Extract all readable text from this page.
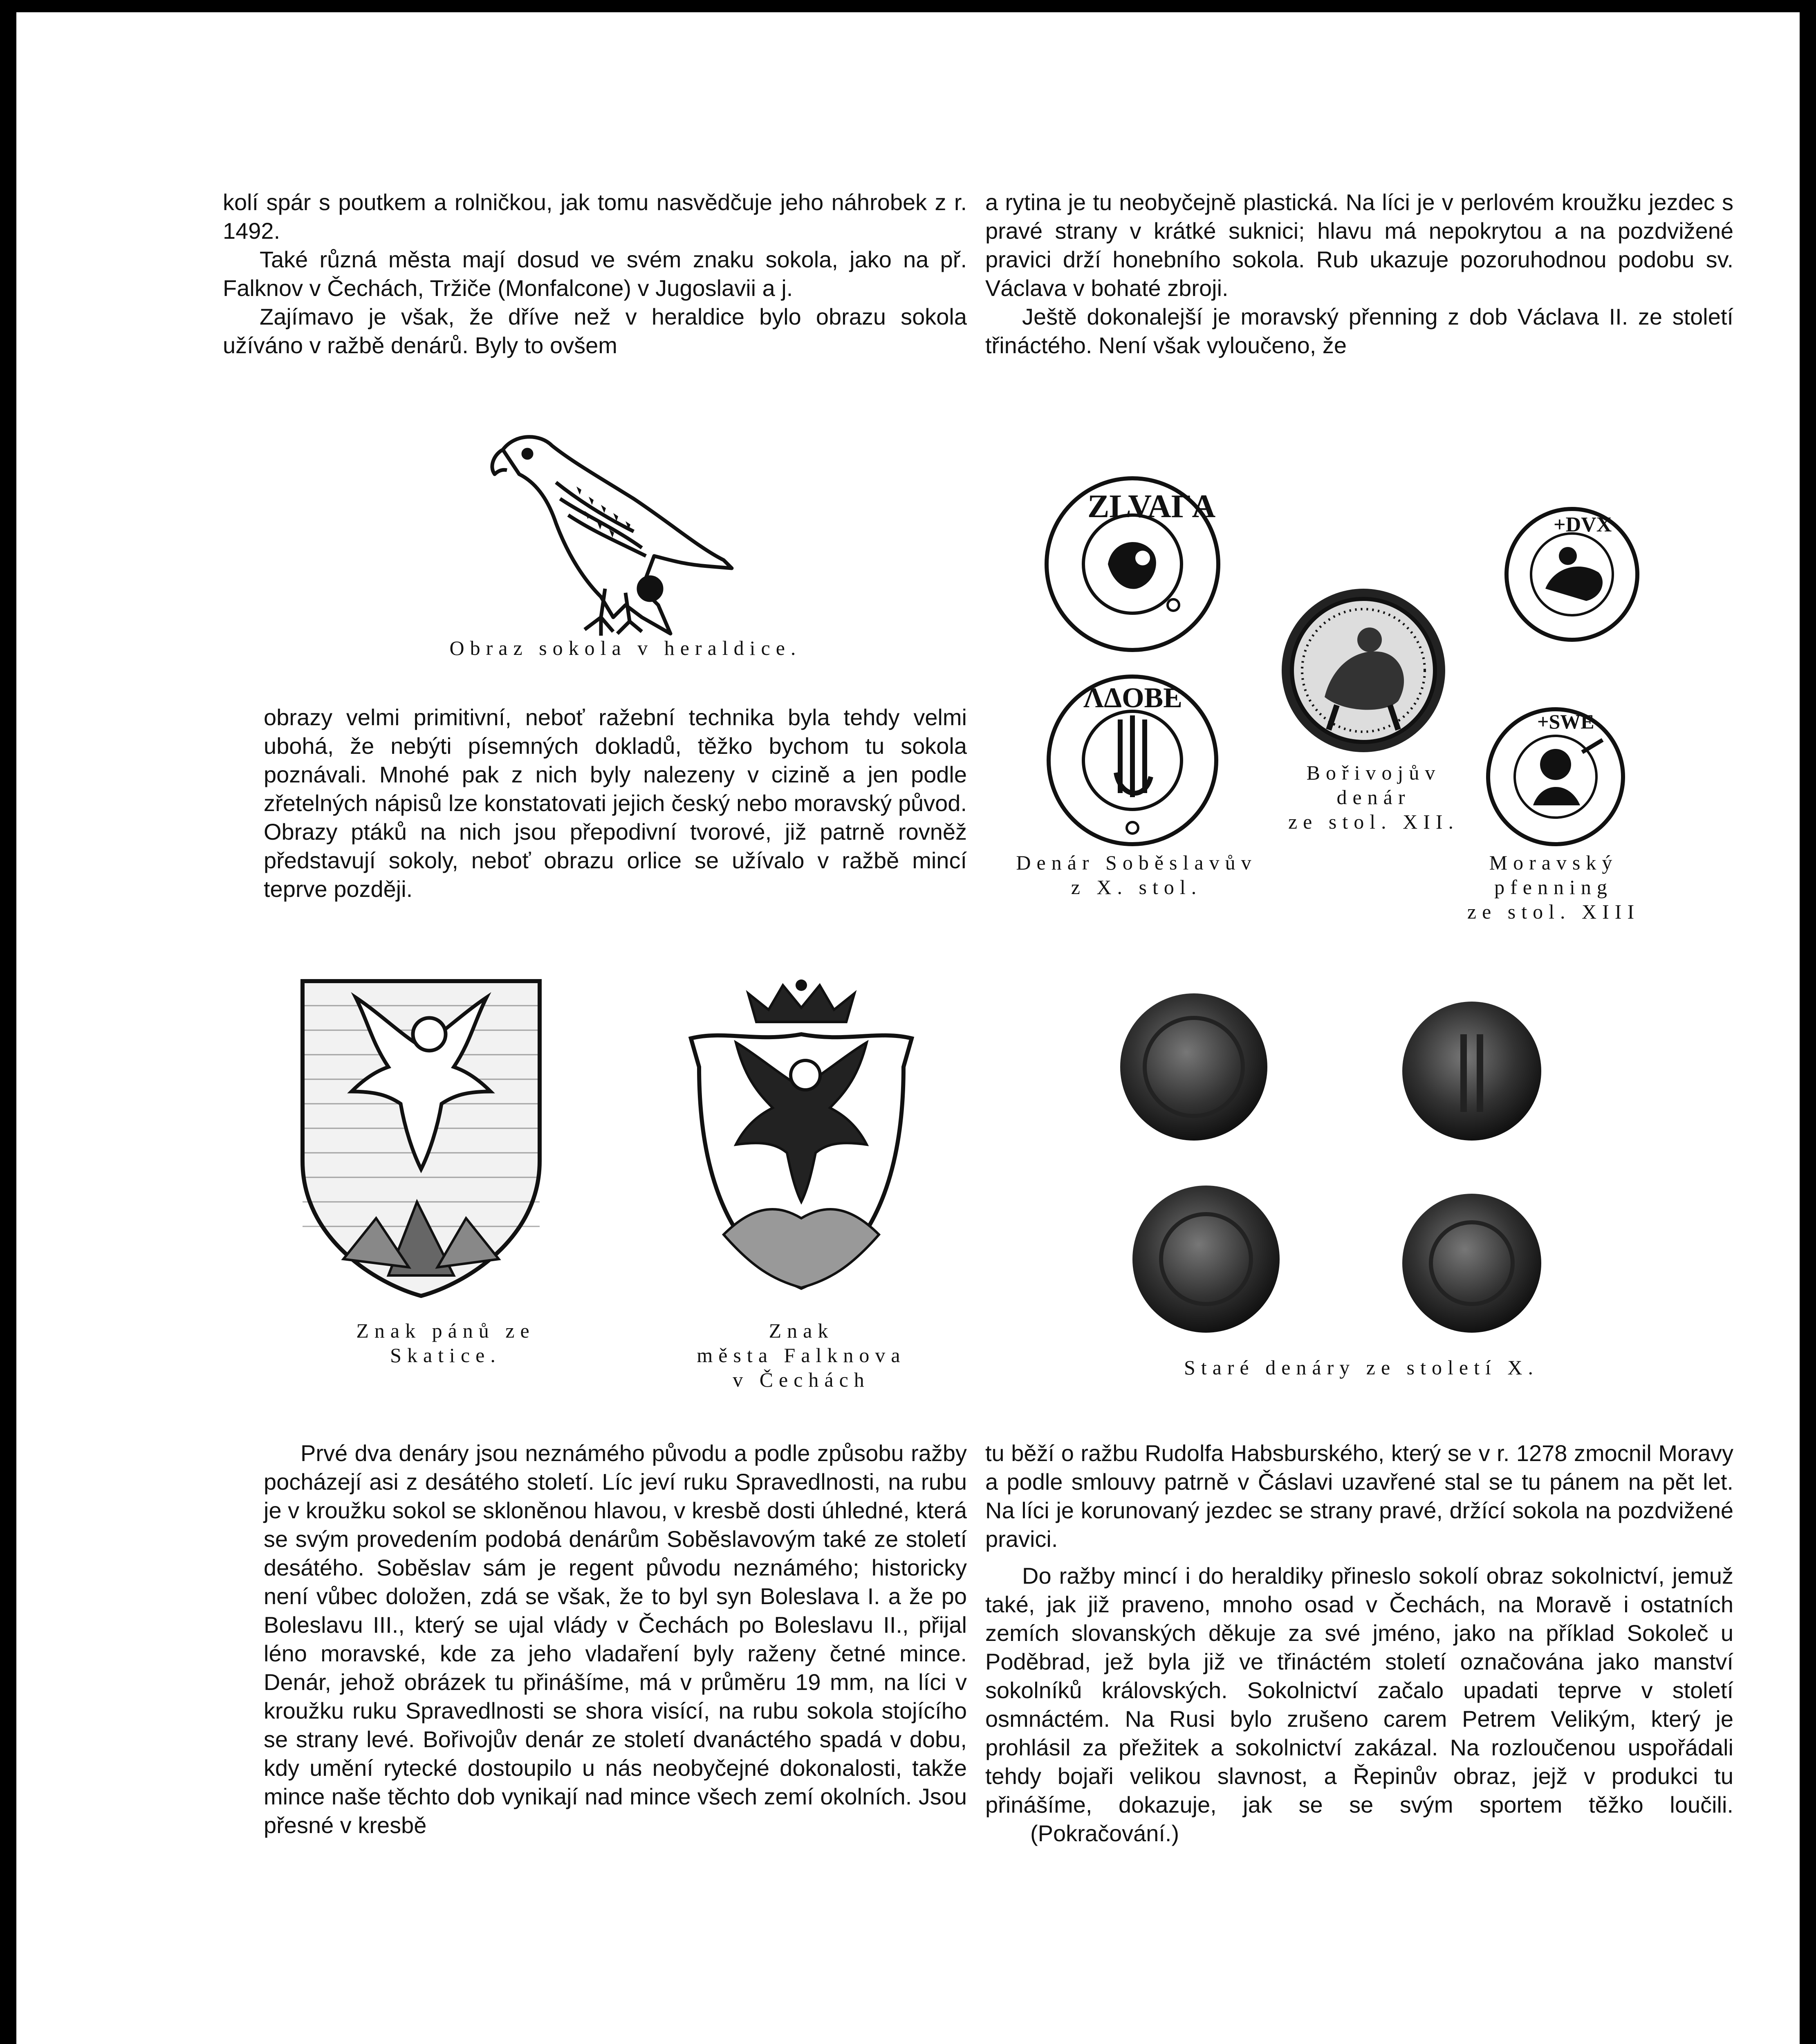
kolí spár s poutkem a rolničkou, jak tomu nasvědčuje jeho náhrobek z r. 1492.

Také různá města mají dosud ve svém znaku sokola, jako na př. Falknov v Čechách, Tržiče (Monfalcone) v Jugoslavii a j.

Zajímavo je však, že dříve než v heraldice bylo obrazu sokola užíváno v ražbě denárů. Byly to ovšem

a rytina je tu neobyčejně plastická. Na líci je v perlovém kroužku jezdec s pravé strany v krátké suknici; hlavu má nepokrytou a na pozdvižené pravici drží honebního sokola. Rub ukazuje pozoruhodnou podobu sv. Václava v bohaté zbroji.

Ještě dokonalejší je moravský přenning z dob Václava II. ze století třináctého. Není však vyloučeno, že

Obraz sokola v heraldice.

obrazy velmi primitivní, neboť ražební technika byla tehdy velmi ubohá, že nebýti písemných dokladů, těžko bychom tu sokola poznávali. Mnohé pak z nich byly nalezeny v cizině a jen podle zřetelných nápisů lze konstatovati jejich český nebo moravský původ. Obrazy ptáků na nich jsou přepodivní tvorové, již patrně rovněž představují sokoly, neboť obrazu orlice se užívalo v ražbě mincí teprve později.

ZLVAΓA
ΛΔOBE
+DVX
+SWE
Denár Soběslavův
z X. stol.
Bořivojův
denár
ze stol. XII.
Moravský
pfenning
ze stol. XIII
Znak pánů ze
Skatice.
Znak
města Falknova
v Čechách
Staré denáry ze století X.

Prvé dva denáry jsou neznámého původu a podle způsobu ražby pocházejí asi z desátého století. Líc jeví ruku Spravedlnosti, na rubu je v kroužku sokol se skloněnou hlavou, v kresbě dosti úhledné, která se svým provedením podobá denárům Soběslavovým také ze století desátého. Soběslav sám je regent původu neznámého; historicky není vůbec doložen, zdá se však, že to byl syn Boleslava I. a že po Boleslavu III., který se ujal vlády v Čechách po Boleslavu II., přijal léno moravské, kde za jeho vladaření byly raženy četné mince. Denár, jehož obrázek tu přinášíme, má v průměru 19 mm, na líci v kroužku ruku Spravedlnosti se shora visící, na rubu sokola stojícího se strany levé. Bořivojův denár ze století dvanáctého spadá v dobu, kdy umění rytecké dostoupilo u nás neobyčejné dokonalosti, takže mince naše těchto dob vynikají nad mince všech zemí okolních. Jsou přesné v kresbě

tu běží o ražbu Rudolfa Habsburského, který se v r. 1278 zmocnil Moravy a podle smlouvy patrně v Čáslavi uzavřené stal se tu pánem na pět let. Na líci je korunovaný jezdec se strany pravé, držící sokola na pozdvižené pravici.

Do ražby mincí i do heraldiky přineslo sokolí obraz sokolnictví, jemuž také, jak již praveno, mnoho osad v Čechách, na Moravě i ostatních zemích slovanských děkuje za své jméno, jako na příklad Sokoleč u Poděbrad, jež byla již ve třináctém století označována jako manství sokolníků královských. Sokolnictví začalo upadati teprve v století osmnáctém. Na Rusi bylo zrušeno carem Petrem Velikým, který je prohlásil za přežitek a sokolnictví zakázal. Na rozloučenou uspořádali tehdy bojaři velikou slavnost, a Řepinův obraz, jejž v produkci tu přinášíme, dokazuje, jak se se svým sportem těžko loučili. (Pokračování.)
